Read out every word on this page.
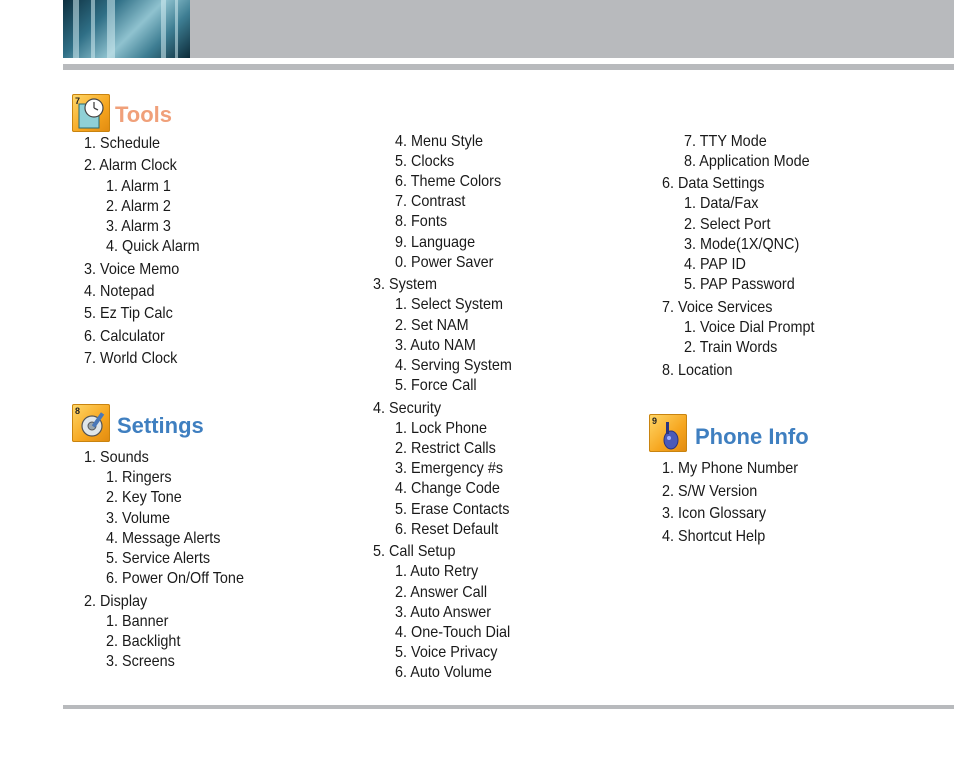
7
Tools
1. Schedule
2. Alarm Clock
1. Alarm 1
2. Alarm 2
3. Alarm 3
4. Quick Alarm
3. Voice Memo
4. Notepad
5. Ez Tip Calc
6. Calculator
7. World Clock
8
Settings
1. Sounds
1. Ringers
2. Key Tone
3. Volume
4. Message Alerts
5. Service Alerts
6. Power On/Off Tone
2. Display
1. Banner
2. Backlight
3. Screens
4. Menu Style
5. Clocks
6. Theme Colors
7. Contrast
8. Fonts
9. Language
0. Power Saver
3. System
1. Select System
2. Set NAM
3. Auto NAM
4. Serving System
5. Force Call
4. Security
1. Lock Phone
2. Restrict Calls
3. Emergency #s
4. Change Code
5. Erase Contacts
6. Reset Default
5. Call Setup
1. Auto Retry
2. Answer Call
3. Auto Answer
4. One-Touch Dial
5. Voice Privacy
6. Auto Volume
7. TTY Mode
8. Application Mode
6. Data Settings
1. Data/Fax
2. Select Port
3. Mode(1X/QNC)
4. PAP ID
5. PAP Password
7. Voice Services
1. Voice Dial Prompt
2. Train Words
8. Location
9
Phone Info
1. My Phone Number
2. S/W Version
3. Icon Glossary
4. Shortcut Help
